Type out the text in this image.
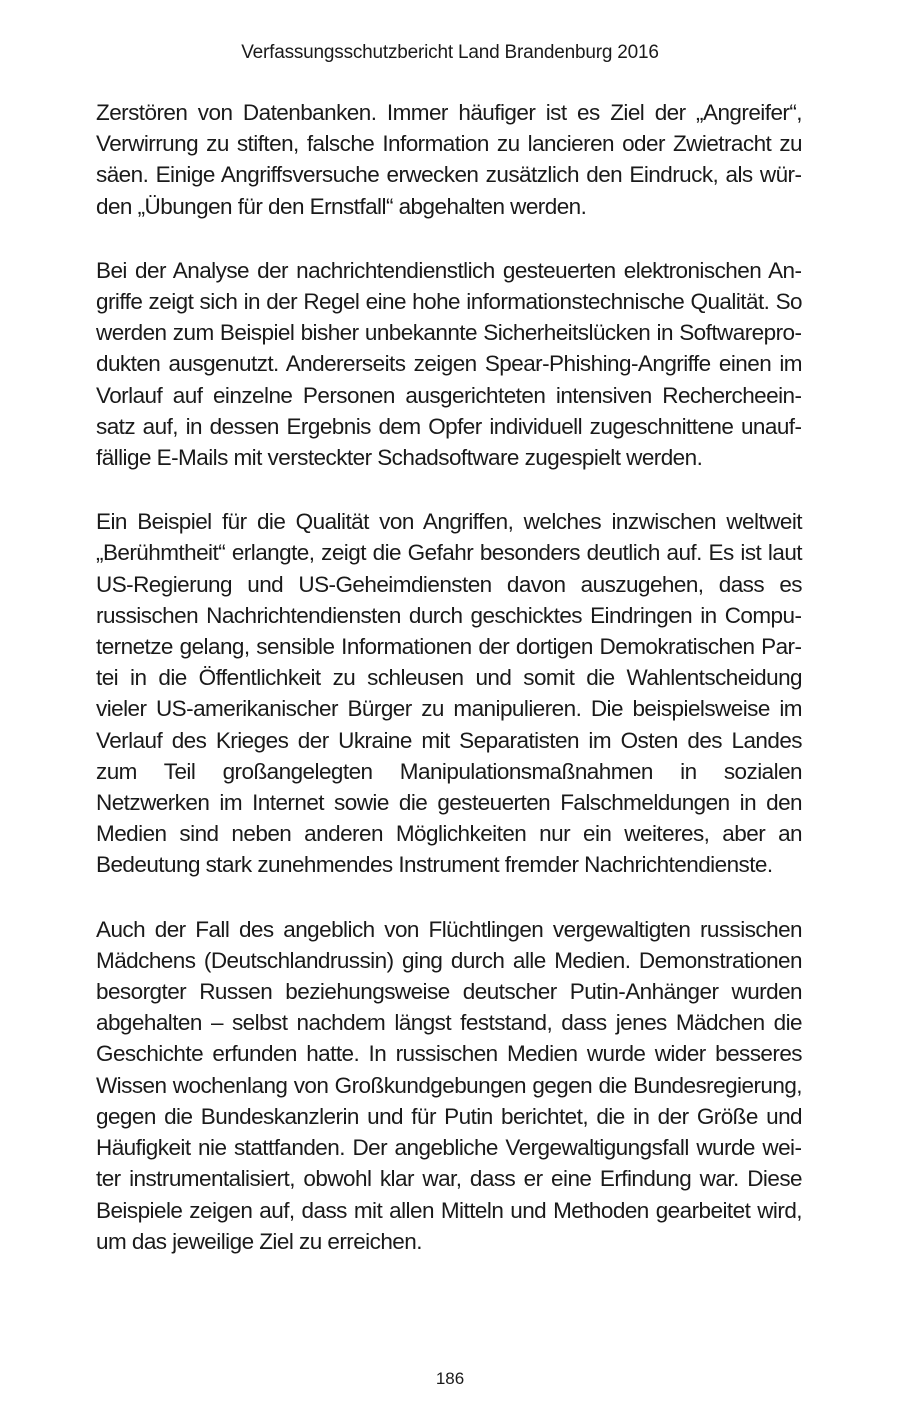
Verfassungsschutzbericht Land Brandenburg 2016

Zerstören von Datenbanken. Immer häufiger ist es Ziel der „Angreifer“, Verwirrung zu stiften, falsche Information zu lancieren oder Zwietracht zu säen. Einige Angriffsversuche erwecken zusätzlich den Eindruck, als würden „Übungen für den Ernstfall“ abgehalten werden.

Bei der Analyse der nachrichtendienstlich gesteuerten elektronischen Angriffe zeigt sich in der Regel eine hohe informationstechnische Qualität. So werden zum Beispiel bisher unbekannte Sicherheitslücken in Softwareprodukten ausgenutzt. Andererseits zeigen Spear-Phishing-Angriffe einen im Vorlauf auf einzelne Personen ausgerichteten intensiven Rechercheeinsatz auf, in dessen Ergebnis dem Opfer individuell zugeschnittene unauffällige E-Mails mit versteckter Schadsoftware zugespielt werden.

Ein Beispiel für die Qualität von Angriffen, welches inzwischen weltweit „Berühmtheit“ erlangte, zeigt die Gefahr besonders deutlich auf. Es ist laut US-Regierung und US-Geheimdiensten davon auszugehen, dass es russischen Nachrichtendiensten durch geschicktes Eindringen in Computernetze gelang, sensible Informationen der dortigen Demokratischen Partei in die Öffentlichkeit zu schleusen und somit die Wahlentscheidung vieler US-amerikanischer Bürger zu manipulieren. Die beispielsweise im Verlauf des Krieges der Ukraine mit Separatisten im Osten des Landes zum Teil großangelegten Manipulationsmaßnahmen in sozialen Netzwerken im Internet sowie die gesteuerten Falschmeldungen in den Medien sind neben anderen Möglichkeiten nur ein weiteres, aber an Bedeutung stark zunehmendes Instrument fremder Nachrichtendienste.

Auch der Fall des angeblich von Flüchtlingen vergewaltigten russischen Mädchens (Deutschlandrussin) ging durch alle Medien. Demonstrationen besorgter Russen beziehungsweise deutscher Putin-Anhänger wurden abgehalten – selbst nachdem längst feststand, dass jenes Mädchen die Geschichte erfunden hatte. In russischen Medien wurde wider besseres Wissen wochenlang von Großkundgebungen gegen die Bundesregierung, gegen die Bundeskanzlerin und für Putin berichtet, die in der Größe und Häufigkeit nie stattfanden. Der angebliche Vergewaltigungsfall wurde weiter instrumentalisiert, obwohl klar war, dass er eine Erfindung war. Diese Beispiele zeigen auf, dass mit allen Mitteln und Methoden gearbeitet wird, um das jeweilige Ziel zu erreichen.

186
